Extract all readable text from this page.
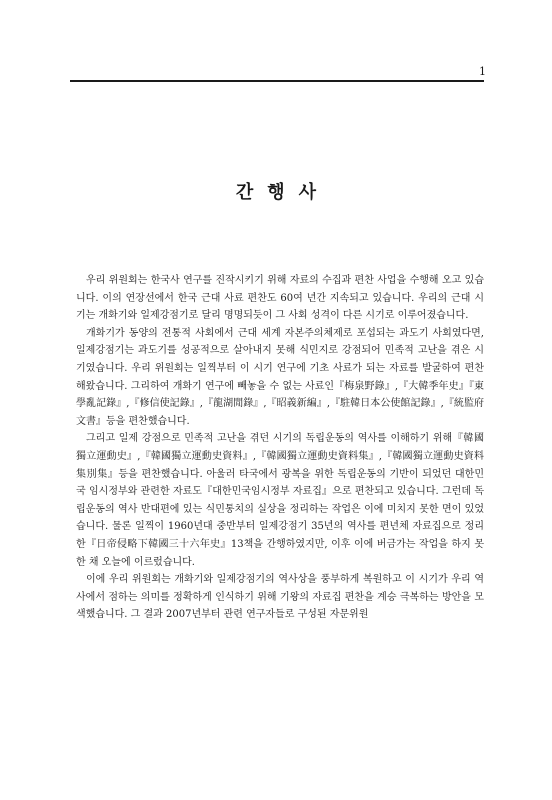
1
간행사

우리 위원회는 한국사 연구를 진작시키기 위해 자료의 수집과 편찬 사업을 수행해 오고 있습니다. 이의 연장선에서 한국 근대 사료 편찬도 60여 년간 지속되고 있습니다. 우리의 근대 시기는 개화기와 일제강점기로 달리 명명되듯이 그 사회 성격이 다른 시기로 이루어졌습니다.

개화기가 동양의 전통적 사회에서 근대 세계 자본주의체제로 포섭되는 과도기 사회였다면, 일제강점기는 과도기를 성공적으로 살아내지 못해 식민지로 강점되어 민족적 고난을 겪은 시기였습니다. 우리 위원회는 일찍부터 이 시기 연구에 기초 사료가 되는 자료를 발굴하여 편찬해왔습니다. 그리하여 개화기 연구에 빼놓을 수 없는 사료인『梅泉野錄』,『大韓季年史』『東學亂記錄』,『修信使記錄』,『龍湖閒錄』,『昭義新編』,『駐韓日本公使館記錄』,『統監府文書』등을 편찬했습니다.

그리고 일제 강점으로 민족적 고난을 겪던 시기의 독립운동의 역사를 이해하기 위해『韓國獨立運動史』,『韓國獨立運動史資料』,『韓國獨立運動史資料集』,『韓國獨立運動史資料集別集』등을 편찬했습니다. 아울러 타국에서 광복을 위한 독립운동의 기반이 되었던 대한민국 임시정부와 관련한 자료도『대한민국임시정부 자료집』으로 편찬되고 있습니다. 그런데 독립운동의 역사 반대편에 있는 식민통치의 실상을 정리하는 작업은 이에 미치지 못한 면이 있었습니다. 물론 일찍이 1960년대 중반부터 일제강점기 35년의 역사를 편년체 자료집으로 정리한『日帝侵略下韓國三十六年史』13책을 간행하였지만, 이후 이에 버금가는 작업을 하지 못한 채 오늘에 이르렀습니다.

이에 우리 위원회는 개화기와 일제강점기의 역사상을 풍부하게 복원하고 이 시기가 우리 역사에서 점하는 의미를 정확하게 인식하기 위해 기왕의 자료집 편찬을 계승 극복하는 방안을 모색했습니다. 그 결과 2007년부터 관련 연구자들로 구성된 자문위원
